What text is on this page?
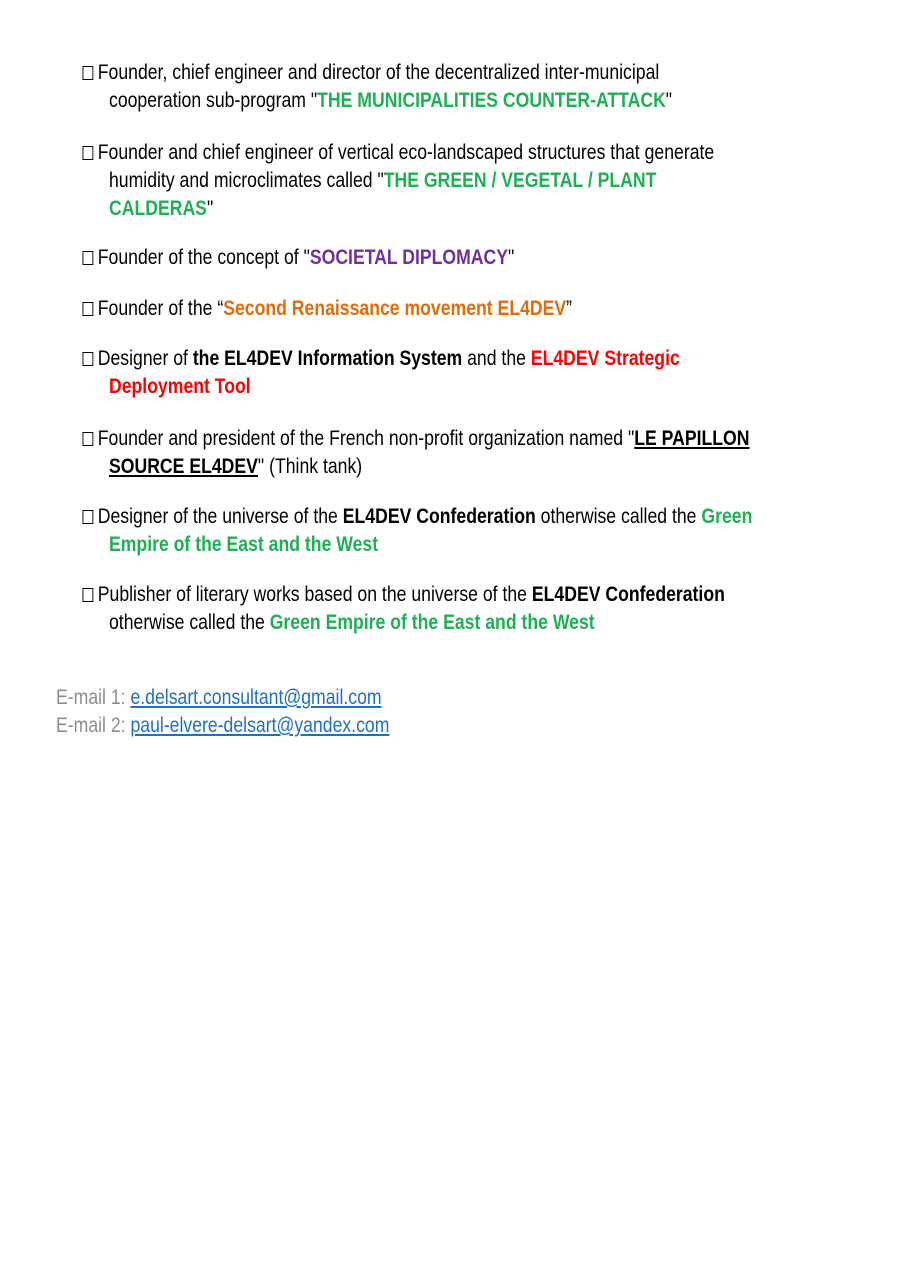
Founder, chief engineer and director of the decentralized inter-municipal
cooperation sub-program "THE MUNICIPALITIES COUNTER-ATTACK"
Founder and chief engineer of vertical eco-landscaped structures that generate
humidity and microclimates called "THE GREEN / VEGETAL / PLANT
CALDERAS"
Founder of the concept of "SOCIETAL DIPLOMACY"
Founder of the “Second Renaissance movement EL4DEV”
Designer of the EL4DEV Information System and the EL4DEV Strategic
Deployment Tool
Founder and president of the French non-profit organization named "LE PAPILLON
SOURCE EL4DEV" (Think tank)
Designer of the universe of the EL4DEV Confederation otherwise called the Green
Empire of the East and the West
Publisher of literary works based on the universe of the EL4DEV Confederation
otherwise called the Green Empire of the East and the West
E-mail 1: e.delsart.consultant@gmail.com
E-mail 2: paul-elvere-delsart@yandex.com
